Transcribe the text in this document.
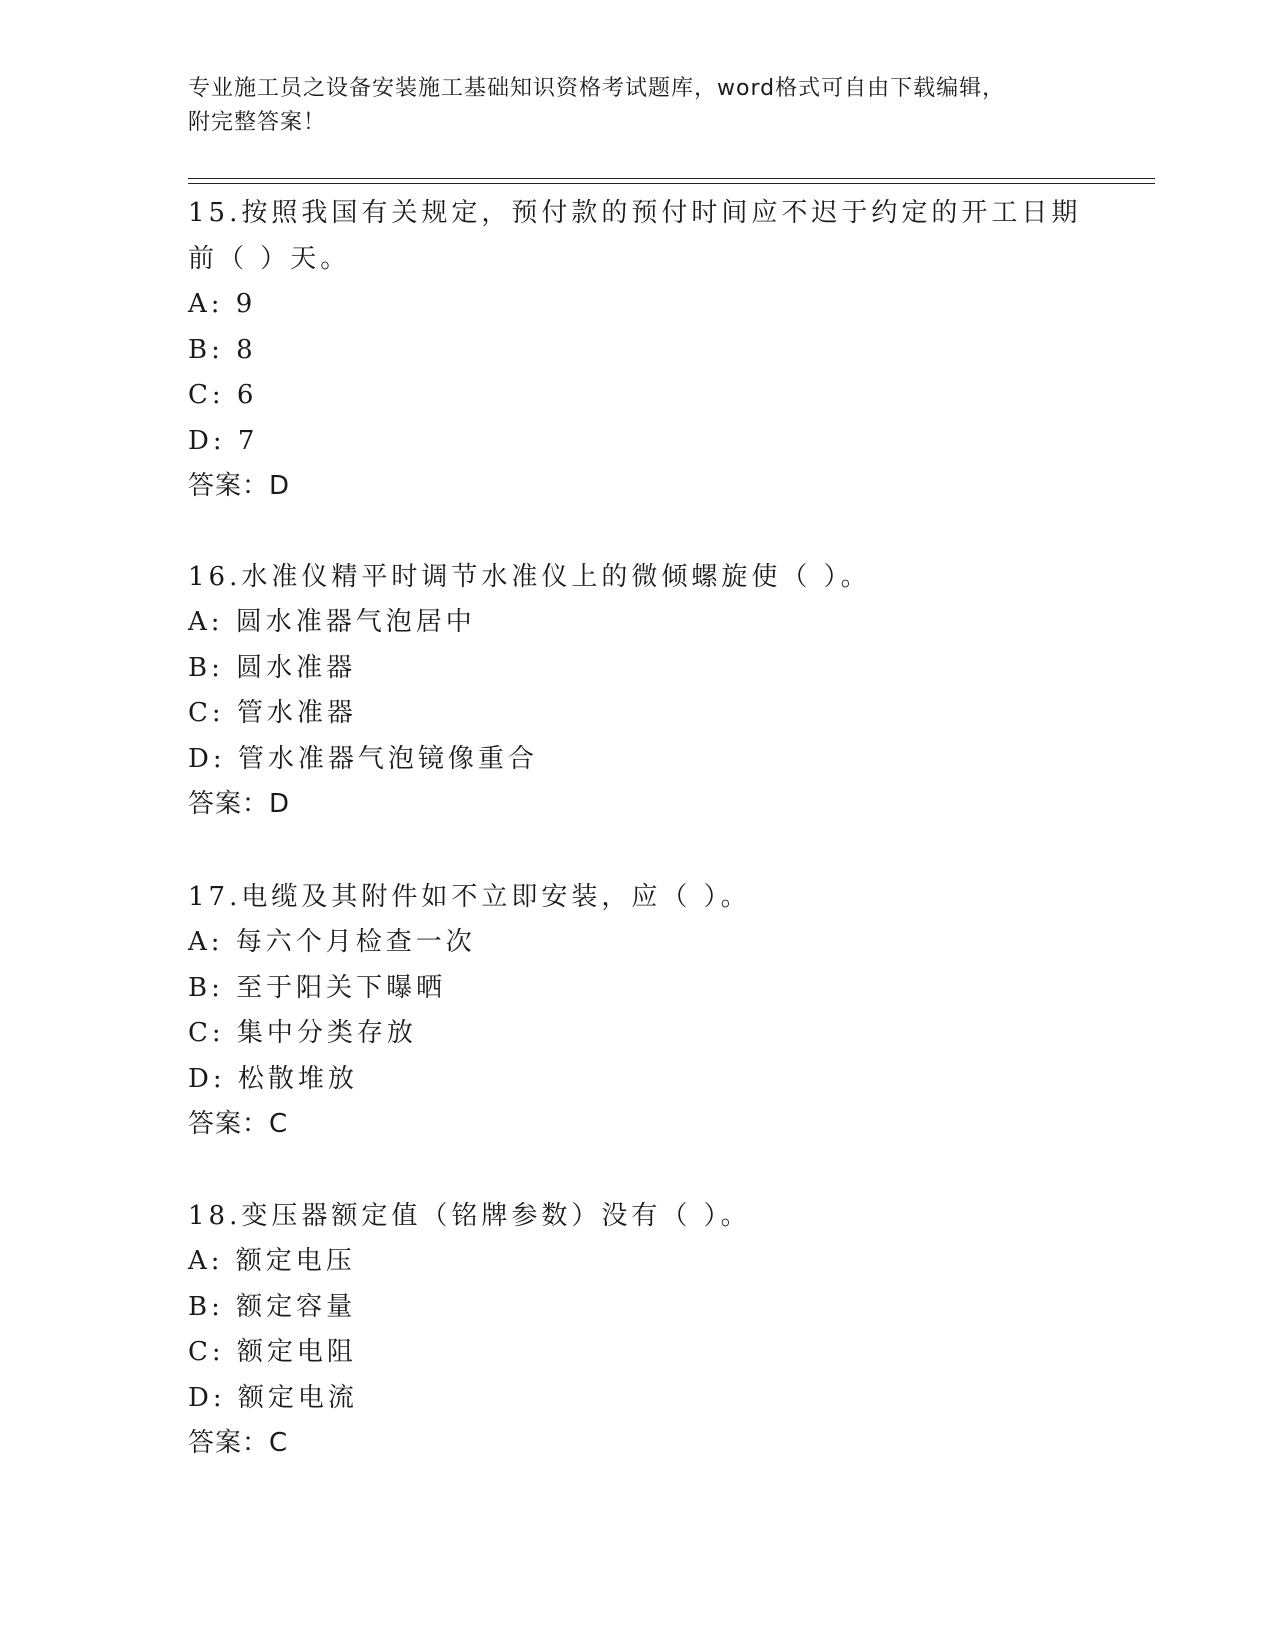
专业施工员之设备安装施工基础知识资格考试题库，word格式可自由下载编辑，
附完整答案！
15.按照我国有关规定，预付款的预付时间应不迟于约定的开工日期前（ ）天。
A: 9
B: 8
C: 6
D: 7
答案：D
16.水准仪精平时调节水准仪上的微倾螺旋使（ ）。
A: 圆水准器气泡居中
B: 圆水准器
C: 管水准器
D: 管水准器气泡镜像重合
答案：D
17.电缆及其附件如不立即安装，应（ ）。
A: 每六个月检查一次
B: 至于阳关下曝晒
C: 集中分类存放
D: 松散堆放
答案：C
18.变压器额定值（铭牌参数）没有（ ）。
A: 额定电压
B: 额定容量
C: 额定电阻
D: 额定电流
答案：C
